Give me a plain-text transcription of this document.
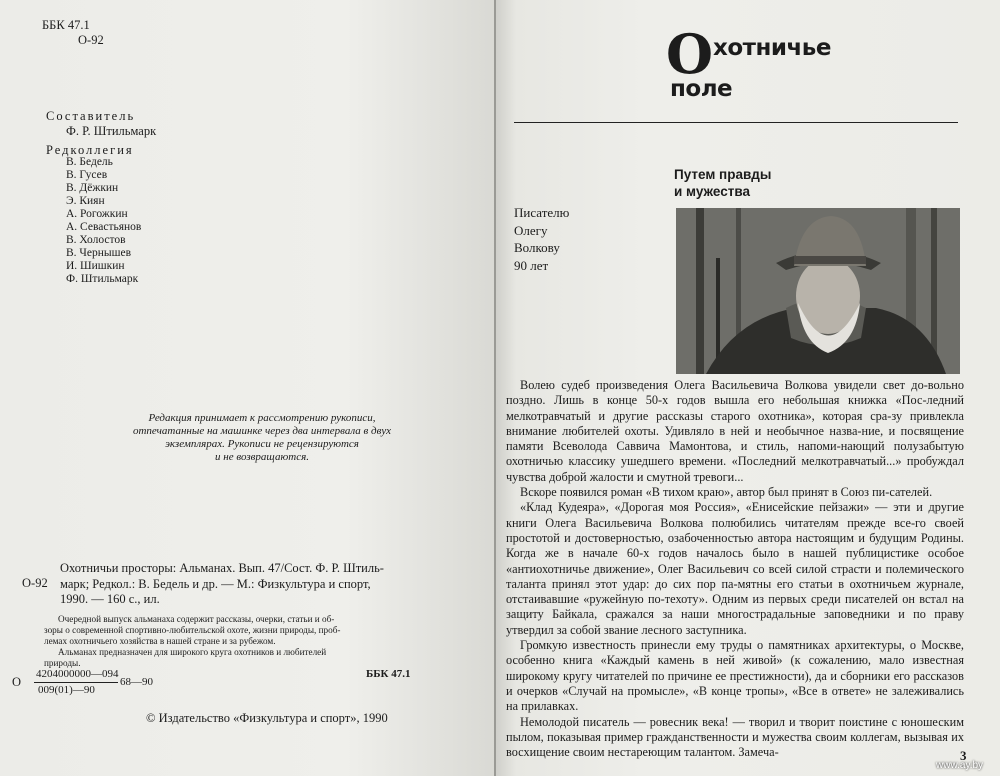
ББК 47.1
О-92
Составитель
Ф. Р. Штильмарк
Редколлегия
В. Бедель
В. Гусев
В. Дёжкин
Э. Киян
А. Рогожкин
А. Севастьянов
В. Холостов
В. Чернышев
И. Шишкин
Ф. Штильмарк
Редакция принимает к рассмотрению рукописи,
отпечатанные на машинке через два интервала в двух
экземплярах. Рукописи не рецензируются
и не возвращаются.
О-92
Охотничьи просторы: Альманах. Вып. 47/Сост. Ф. Р. Штиль-
марк; Редкол.: В. Бедель и др. — М.: Физкультура и спорт,
1990. — 160 с., ил.
Очередной выпуск альманаха содержит рассказы, очерки, статьи и об-
зоры о современной спортивно-любительской охоте, жизни природы, проб-
лемах охотничьего хозяйства в нашей стране и за рубежом.
Альманах предназначен для широкого круга охотников и любителей
природы.
О
4204000000—094
009(01)—90
68—90
ББК 47.1
© Издательство «Физкультура и спорт», 1990
Охотничье
поле
Путем правды
и мужества
Писателю
Олегу
Волкову
90 лет

Волею судеб произведения Олега Васильевича Волкова увидели свет до-вольно поздно. Лишь в конце 50-х годов вышла его небольшая книжка «Пос-ледний мелкотравчатый и другие рассказы старого охотника», которая сра-зу привлекла внимание любителей охоты. Удивляло в ней и необычное назва-ние, и посвящение памяти Всеволода Саввича Мамонтова, и стиль, напоми-нающий полузабытую охотничью классику ушедшего времени. «Последний мелкотравчатый...» пробуждал чувства доброй жалости и смутной тревоги...

Вскоре появился роман «В тихом краю», автор был принят в Союз пи-сателей.

«Клад Кудеяра», «Дорогая моя Россия», «Енисейские пейзажи» — эти и другие книги Олега Васильевича Волкова полюбились читателям прежде все-го своей простотой и достоверностью, озабоченностью автора настоящим и будущим Родины. Когда же в начале 60-х годов началось было в нашей публицистике особое «антиохотничье движение», Олег Васильевич со всей силой страсти и полемического таланта принял этот удар: до сих пор па-мятны его статьи в охотничьем журнале, отстаивавшие «ружейную по-техоту». Одним из первых среди писателей он встал на защиту Байкала, сражался за наши многострадальные заповедники и по праву утвердил за собой звание лесного заступника.

Громкую известность принесли ему труды о памятниках архитектуры, о Москве, особенно книга «Каждый камень в ней живой» (к сожалению, мало известная широкому кругу читателей по причине ее престижности), да и сборники его рассказов и очерков «Случай на промысле», «В конце тропы», «Все в ответе» не залеживались на прилавках.

Немолодой писатель — ровесник века! — творил и творит поистине с юношеским пылом, показывая пример гражданственности и мужества своим коллегам, вызывая их восхищение своим нестареющим талантом. Замеча-	3
www.ay.by
